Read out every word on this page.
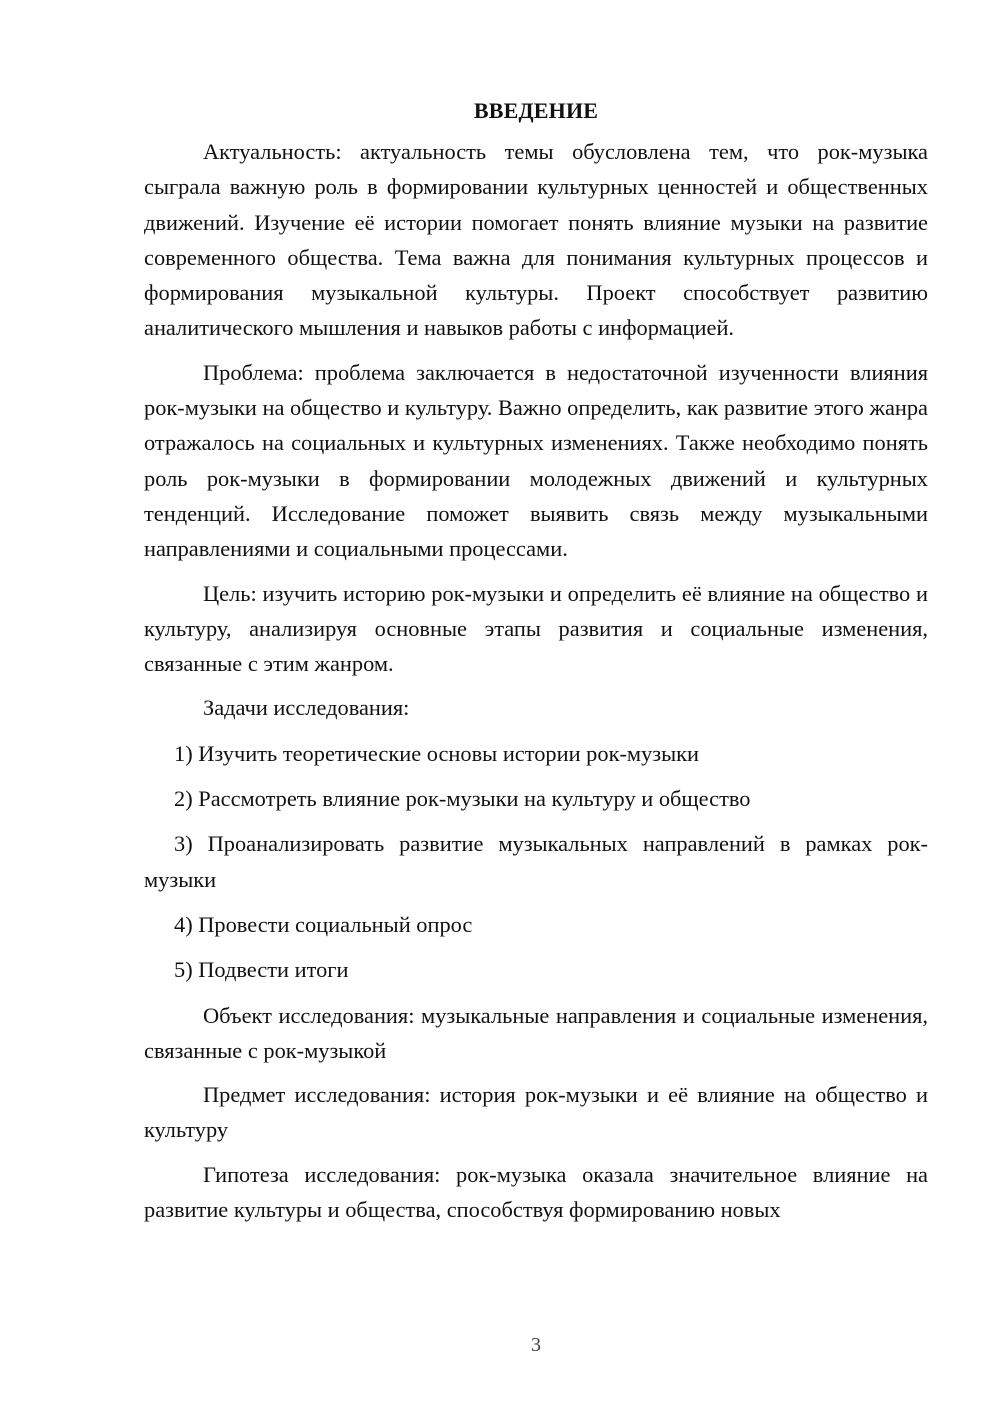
ВВЕДЕНИЕ

Актуальность: актуальность темы обусловлена тем, что рок-музыка сыграла важную роль в формировании культурных ценностей и общественных движений. Изучение её истории помогает понять влияние музыки на развитие современного общества. Тема важна для понимания культурных процессов и формирования музыкальной культуры. Проект способствует развитию аналитического мышления и навыков работы с информацией.

Проблема: проблема заключается в недостаточной изученности влияния рок-музыки на общество и культуру. Важно определить, как развитие этого жанра отражалось на социальных и культурных изменениях. Также необходимо понять роль рок-музыки в формировании молодежных движений и культурных тенденций. Исследование поможет выявить связь между музыкальными направлениями и социальными процессами.

Цель: изучить историю рок-музыки и определить её влияние на общество и культуру, анализируя основные этапы развития и социальные изменения, связанные с этим жанром.

Задачи исследования:

1) Изучить теоретические основы истории рок-музыки

2) Рассмотреть влияние рок-музыки на культуру и общество

3) Проанализировать развитие музыкальных направлений в рамках рок-музыки

4) Провести социальный опрос

5) Подвести итоги

Объект исследования: музыкальные направления и социальные изменения, связанные с рок-музыкой

Предмет исследования: история рок-музыки и её влияние на общество и культуру

Гипотеза исследования: рок-музыка оказала значительное влияние на развитие культуры и общества, способствуя формированию новых

3
